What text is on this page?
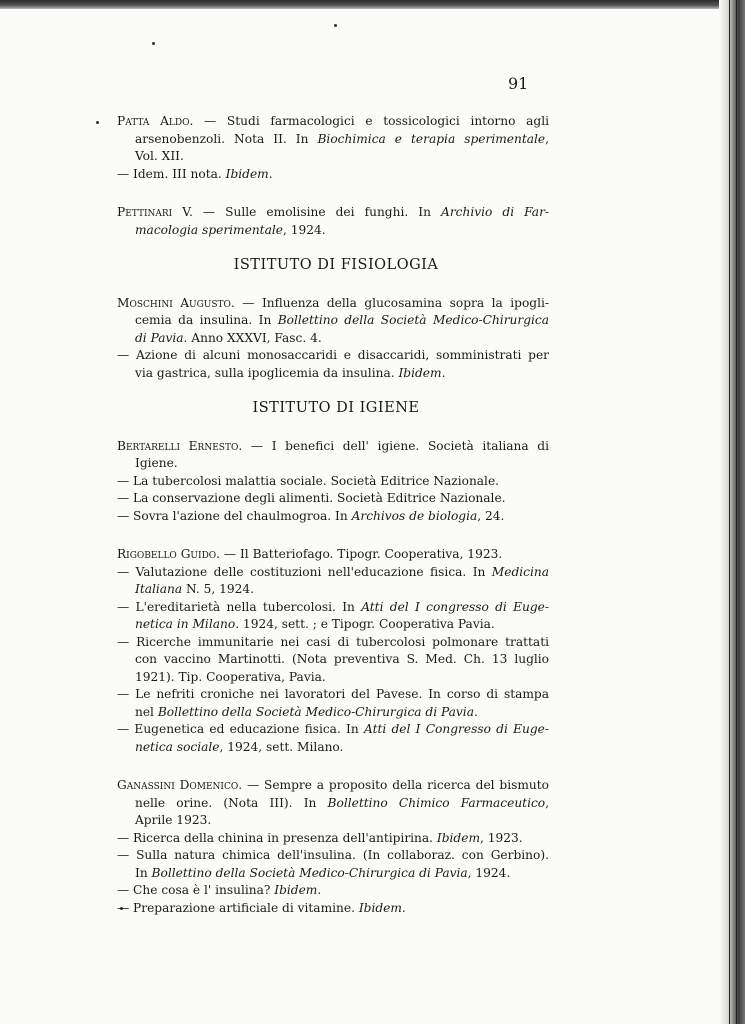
91
Patta Aldo. — Studi farmacologici e tossicologici intorno agli
arsenobenzoli. Nota II. In Biochimica e terapia sperimentale,
Vol. XII.
— Idem. III nota. Ibidem.
Pettinari V. — Sulle emolisine dei funghi. In Archivio di Far-
macologia sperimentale, 1924.
ISTITUTO DI FISIOLOGIA
Moschini Augusto. — Influenza della glucosamina sopra la ipogli-
cemia da insulina. In Bollettino della Società Medico-Chirurgica
di Pavia. Anno XXXVI, Fasc. 4.
— Azione di alcuni monosaccaridi e disaccaridi, somministrati per
via gastrica, sulla ipoglicemia da insulina. Ibidem.
ISTITUTO DI IGIENE
Bertarelli Ernesto. — I benefici dell' igiene. Società italiana di
Igiene.
— La tubercolosi malattia sociale. Società Editrice Nazionale.
— La conservazione degli alimenti. Società Editrice Nazionale.
— Sovra l'azione del chaulmogroa. In Archivos de biologia, 24.
Rigobello Guido. — Il Batteriofago. Tipogr. Cooperativa, 1923.
— Valutazione delle costituzioni nell'educazione fisica. In Medicina
Italiana N. 5, 1924.
— L'ereditarietà nella tubercolosi. In Atti del I congresso di Euge-
netica in Milano. 1924, sett. ; e Tipogr. Cooperativa Pavia.
— Ricerche immunitarie nei casi di tubercolosi polmonare trattati
con vaccino Martinotti. (Nota preventiva S. Med. Ch. 13 luglio
1921). Tip. Cooperativa, Pavia.
— Le nefriti croniche nei lavoratori del Pavese. In corso di stampa
nel Bollettino della Società Medico-Chirurgica di Pavia.
— Eugenetica ed educazione fisica. In Atti del I Congresso di Euge-
netica sociale, 1924, sett. Milano.
Ganassini Domenico. — Sempre a proposito della ricerca del bismuto
nelle orine. (Nota III). In Bollettino Chimico Farmaceutico,
Aprile 1923.
— Ricerca della chinina in presenza dell'antipirina. Ibidem, 1923.
— Sulla natura chimica dell'insulina. (In collaboraz. con Gerbino).
In Bollettino della Società Medico-Chirurgica di Pavia, 1924.
— Che cosa è l' insulina? Ibidem.
— Preparazione artificiale di vitamine. Ibidem.
